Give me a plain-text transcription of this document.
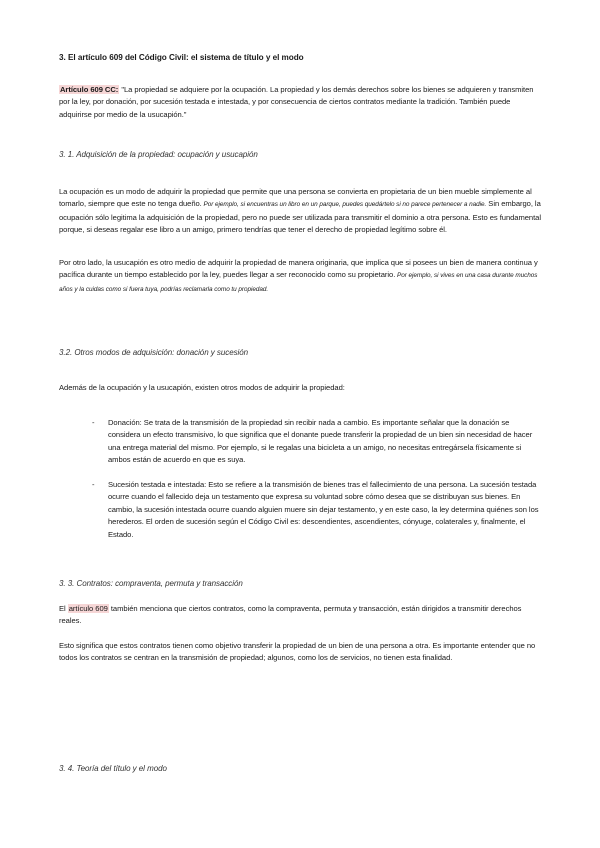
3. El artículo 609 del Código Civil: el sistema de título y el modo

Artículo 609 CC: "La propiedad se adquiere por la ocupación. La propiedad y los demás derechos sobre los bienes se adquieren y transmiten por la ley, por donación, por sucesión testada e intestada, y por consecuencia de ciertos contratos mediante la tradición. También puede adquirirse por medio de la usucapión."

3. 1. Adquisición de la propiedad: ocupación y usucapión

La ocupación es un modo de adquirir la propiedad que permite que una persona se convierta en propietaria de un bien mueble simplemente al tomarlo, siempre que este no tenga dueño. Por ejemplo, si encuentras un libro en un parque, puedes quedártelo si no parece pertenecer a nadie. Sin embargo, la ocupación sólo legitima la adquisición de la propiedad, pero no puede ser utilizada para transmitir el dominio a otra persona. Esto es fundamental porque, si deseas regalar ese libro a un amigo, primero tendrías que tener el derecho de propiedad legítimo sobre él.

Por otro lado, la usucapión es otro medio de adquirir la propiedad de manera originaria, que implica que si posees un bien de manera continua y pacífica durante un tiempo establecido por la ley, puedes llegar a ser reconocido como su propietario. Por ejemplo, si vives en una casa durante muchos años y la cuidas como si fuera tuya, podrías reclamarla como tu propiedad.

3.2. Otros modos de adquisición: donación y sucesión

Además de la ocupación y la usucapión, existen otros modos de adquirir la propiedad:

- Donación: Se trata de la transmisión de la propiedad sin recibir nada a cambio. Es importante señalar que la donación se considera un efecto transmisivo, lo que significa que el donante puede transferir la propiedad de un bien sin necesidad de hacer una entrega material del mismo. Por ejemplo, si le regalas una bicicleta a un amigo, no necesitas entregársela físicamente si ambos están de acuerdo en que es suya.
- Sucesión testada e intestada: Esto se refiere a la transmisión de bienes tras el fallecimiento de una persona. La sucesión testada ocurre cuando el fallecido deja un testamento que expresa su voluntad sobre cómo desea que se distribuyan sus bienes. En cambio, la sucesión intestada ocurre cuando alguien muere sin dejar testamento, y en este caso, la ley determina quiénes son los herederos. El orden de sucesión según el Código Civil es: descendientes, ascendientes, cónyuge, colaterales y, finalmente, el Estado.

3. 3. Contratos: compraventa, permuta y transacción

El artículo 609 también menciona que ciertos contratos, como la compraventa, permuta y transacción, están dirigidos a transmitir derechos reales.

Esto significa que estos contratos tienen como objetivo transferir la propiedad de un bien de una persona a otra. Es importante entender que no todos los contratos se centran en la transmisión de propiedad; algunos, como los de servicios, no tienen esta finalidad.

3. 4. Teoría del título y el modo
